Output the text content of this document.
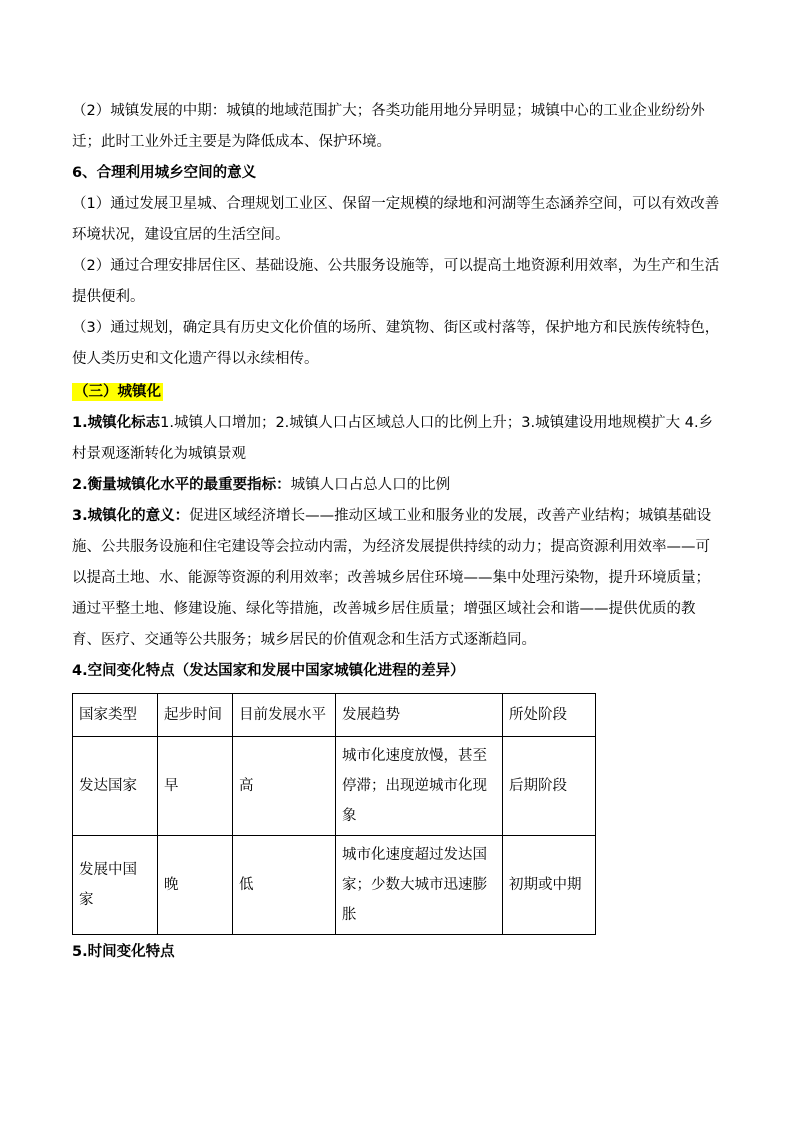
（2）城镇发展的中期：城镇的地域范围扩大；各类功能用地分异明显；城镇中心的工业企业纷纷外迁；此时工业外迁主要是为降低成本、保护环境。

6、合理利用城乡空间的意义

（1）通过发展卫星城、合理规划工业区、保留一定规模的绿地和河湖等生态涵养空间，可以有效改善环境状况，建设宜居的生活空间。

（2）通过合理安排居住区、基础设施、公共服务设施等，可以提高土地资源利用效率，为生产和生活提供便利。

（3）通过规划，确定具有历史文化价值的场所、建筑物、街区或村落等，保护地方和民族传统特色，使人类历史和文化遗产得以永续相传。

（三）城镇化

1.城镇化标志1.城镇人口增加；2.城镇人口占区域总人口的比例上升；3.城镇建设用地规模扩大 4.乡村景观逐渐转化为城镇景观

2.衡量城镇化水平的最重要指标：城镇人口占总人口的比例

3.城镇化的意义：促进区域经济增长——推动区域工业和服务业的发展，改善产业结构；城镇基础设施、公共服务设施和住宅建设等会拉动内需，为经济发展提供持续的动力；提高资源利用效率——可以提高土地、水、能源等资源的利用效率；改善城乡居住环境——集中处理污染物，提升环境质量；通过平整土地、修建设施、绿化等措施，改善城乡居住质量；增强区域社会和谐——提供优质的教育、医疗、交通等公共服务；城乡居民的价值观念和生活方式逐渐趋同。

4.空间变化特点（发达国家和发展中国家城镇化进程的差异）

国家类型	起步时间	目前发展水平	发展趋势	所处阶段
发达国家	早	高	城市化速度放慢，甚至停滞；出现逆城市化现象	后期阶段
发展中国家	晚	低	城市化速度超过发达国家；少数大城市迅速膨胀	初期或中期

5.时间变化特点
